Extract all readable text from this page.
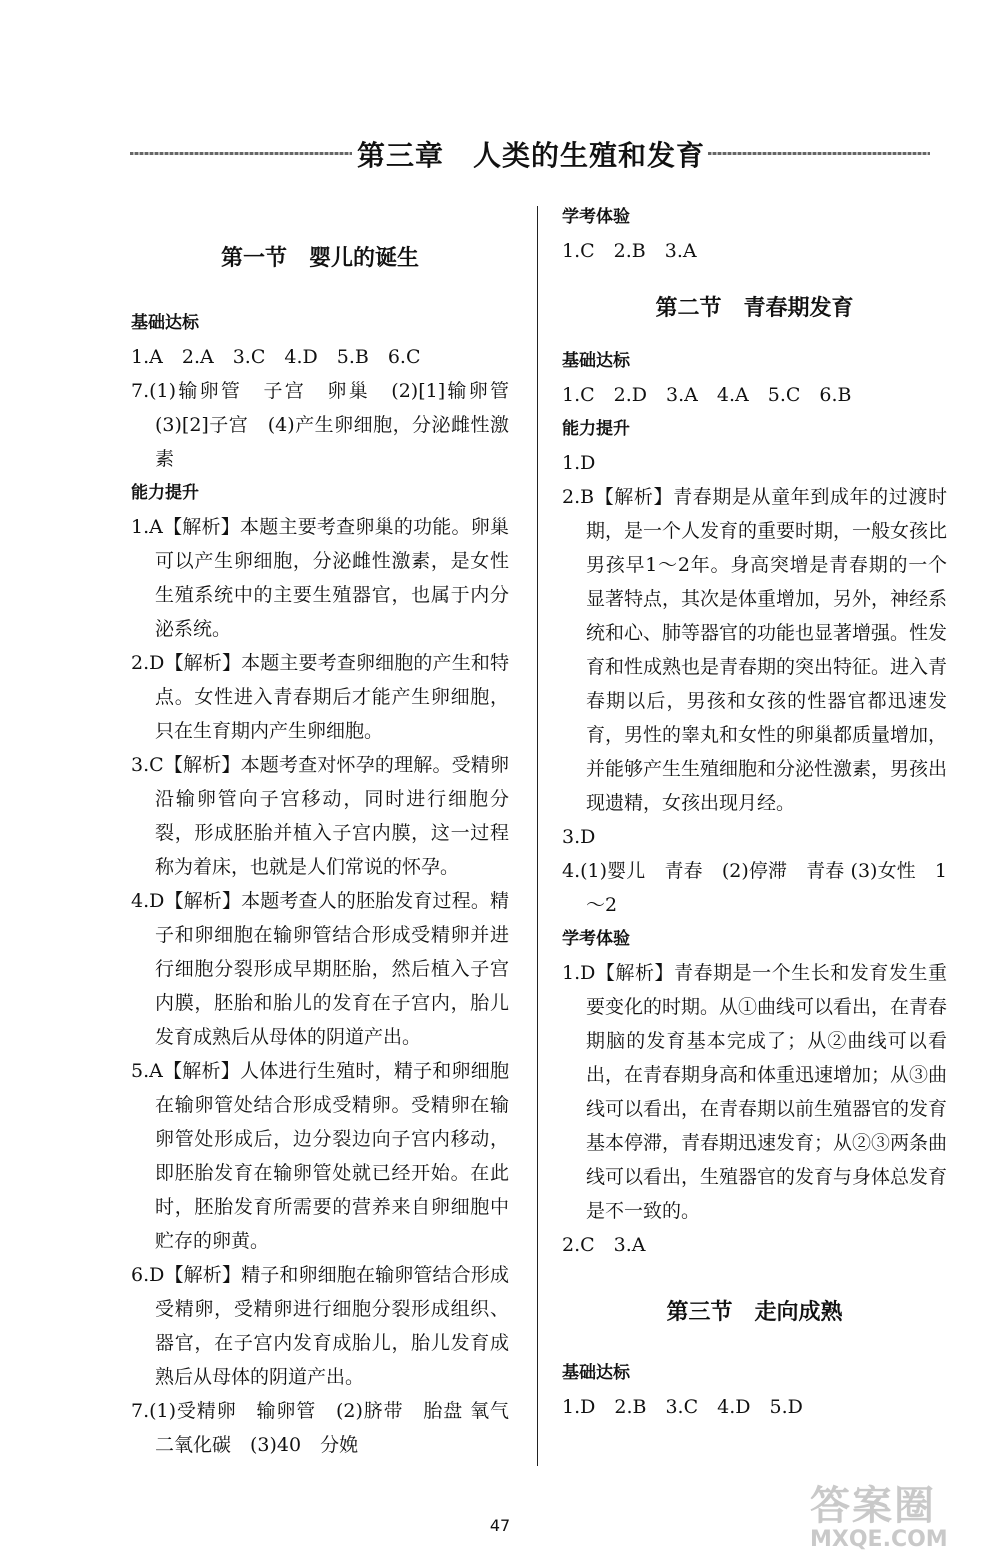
第三章　人类的生殖和发育
第一节　婴儿的诞生
基础达标
1.A　2.A　3.C　4.D　5.B　6.C
7.(1)输卵管　子宫　卵巢　(2)[1]输卵管 (3)[2]子宫　(4)产生卵细胞，分泌雌性激素
能力提升
1.A【解析】本题主要考查卵巢的功能。卵巢可以产生卵细胞，分泌雌性激素，是女性生殖系统中的主要生殖器官，也属于内分泌系统。
2.D【解析】本题主要考查卵细胞的产生和特点。女性进入青春期后才能产生卵细胞，只在生育期内产生卵细胞。
3.C【解析】本题考查对怀孕的理解。受精卵沿输卵管向子宫移动，同时进行细胞分裂，形成胚胎并植入子宫内膜，这一过程称为着床，也就是人们常说的怀孕。
4.D【解析】本题考查人的胚胎发育过程。精子和卵细胞在输卵管结合形成受精卵并进行细胞分裂形成早期胚胎，然后植入子宫内膜，胚胎和胎儿的发育在子宫内，胎儿发育成熟后从母体的阴道产出。
5.A【解析】人体进行生殖时，精子和卵细胞在输卵管处结合形成受精卵。受精卵在输卵管处形成后，边分裂边向子宫内移动，即胚胎发育在输卵管处就已经开始。在此时，胚胎发育所需要的营养来自卵细胞中贮存的卵黄。
6.D【解析】精子和卵细胞在输卵管结合形成受精卵，受精卵进行细胞分裂形成组织、器官，在子宫内发育成胎儿，胎儿发育成熟后从母体的阴道产出。
7.(1)受精卵　输卵管　(2)脐带　胎盘 氧气　二氧化碳　(3)40　分娩
学考体验
1.C　2.B　3.A
第二节　青春期发育
基础达标
1.C　2.D　3.A　4.A　5.C　6.B
能力提升
1.D
2.B【解析】青春期是从童年到成年的过渡时期，是一个人发育的重要时期，一般女孩比男孩早1～2年。身高突增是青春期的一个显著特点，其次是体重增加，另外，神经系统和心、肺等器官的功能也显著增强。性发育和性成熟也是青春期的突出特征。进入青春期以后，男孩和女孩的性器官都迅速发育，男性的睾丸和女性的卵巢都质量增加，并能够产生生殖细胞和分泌性激素，男孩出现遗精，女孩出现月经。
3.D
4.(1)婴儿　青春　(2)停滞　青春 (3)女性　1～2
学考体验
1.D【解析】青春期是一个生长和发育发生重要变化的时期。从①曲线可以看出，在青春期脑的发育基本完成了；从②曲线可以看出，在青春期身高和体重迅速增加；从③曲线可以看出，在青春期以前生殖器官的发育基本停滞，青春期迅速发育；从②③两条曲线可以看出，生殖器官的发育与身体总发育是不一致的。
2.C　3.A
第三节　走向成熟
基础达标
1.D　2.B　3.C　4.D　5.D
47	答案圈
MXQE.COM
